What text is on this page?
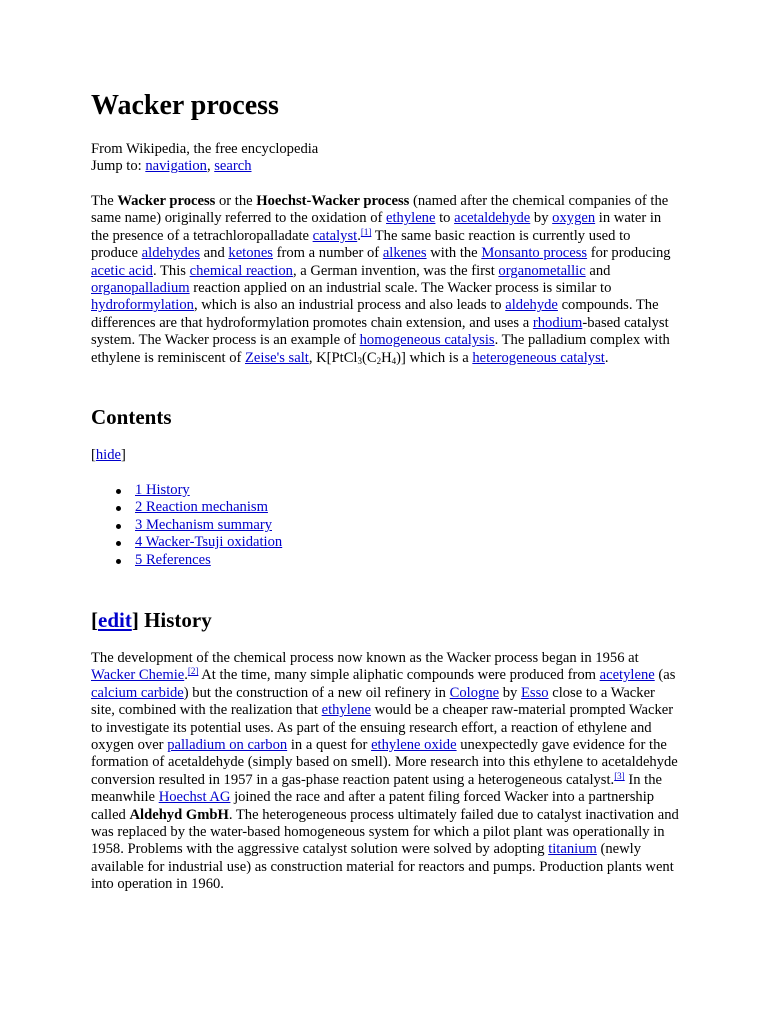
Wacker process
From Wikipedia, the free encyclopedia
Jump to: navigation, search

The Wacker process or the Hoechst-Wacker process (named after the chemical companies of the same name) originally referred to the oxidation of ethylene to acetaldehyde by oxygen in water in the presence of a tetrachloropalladate catalyst.[1] The same basic reaction is currently used to produce aldehydes and ketones from a number of alkenes with the Monsanto process for producing acetic acid. This chemical reaction, a German invention, was the first organometallic and organopalladium reaction applied on an industrial scale. The Wacker process is similar to hydroformylation, which is also an industrial process and also leads to aldehyde compounds. The differences are that hydroformylation promotes chain extension, and uses a rhodium-based catalyst system. The Wacker process is an example of homogeneous catalysis. The palladium complex with ethylene is reminiscent of Zeise's salt, $K[PtCl_3(C_2H_4)]$ which is a heterogeneous catalyst.

Contents
[hide]
1 History
2 Reaction mechanism
3 Mechanism summary
4 Wacker-Tsuji oxidation
5 References
[edit] History

The development of the chemical process now known as the Wacker process began in 1956 at Wacker Chemie.[2] At the time, many simple aliphatic compounds were produced from acetylene (as calcium carbide) but the construction of a new oil refinery in Cologne by Esso close to a Wacker site, combined with the realization that ethylene would be a cheaper raw-material prompted Wacker to investigate its potential uses. As part of the ensuing research effort, a reaction of ethylene and oxygen over palladium on carbon in a quest for ethylene oxide unexpectedly gave evidence for the formation of acetaldehyde (simply based on smell). More research into this ethylene to acetaldehyde conversion resulted in 1957 in a gas-phase reaction patent using a heterogeneous catalyst.[3] In the meanwhile Hoechst AG joined the race and after a patent filing forced Wacker into a partnership called Aldehyd GmbH. The heterogeneous process ultimately failed due to catalyst inactivation and was replaced by the water-based homogeneous system for which a pilot plant was operationally in 1958. Problems with the aggressive catalyst solution were solved by adopting titanium (newly available for industrial use) as construction material for reactors and pumps. Production plants went into operation in 1960.
